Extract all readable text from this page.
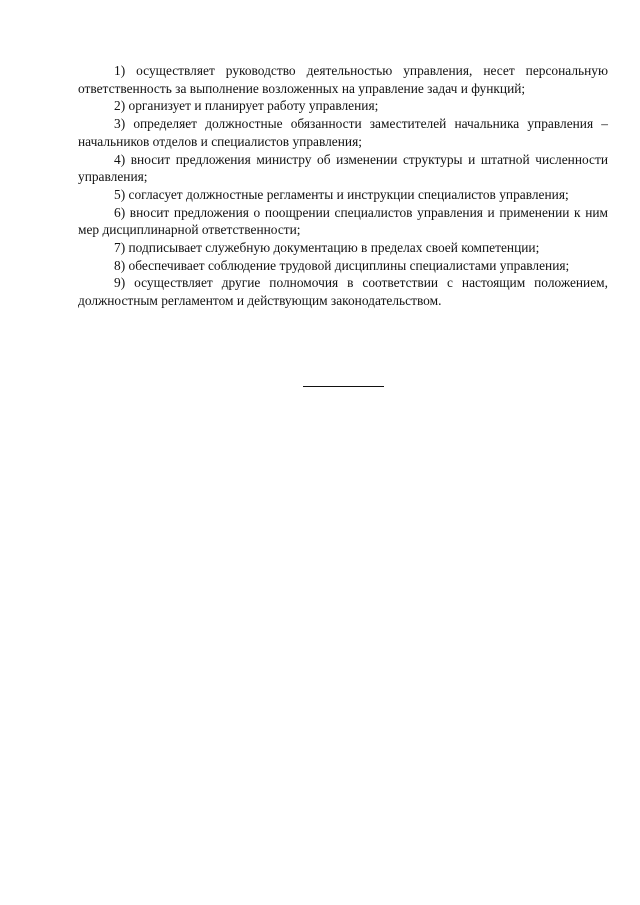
1) осуществляет руководство деятельностью управления, несет персональную ответственность за выполнение возложенных на управление задач и функций;

2) организует и планирует работу управления;

3) определяет должностные обязанности заместителей начальника управления – начальников отделов и специалистов управления;

4) вносит предложения министру об изменении структуры и штатной численности управления;

5) согласует должностные регламенты и инструкции специалистов управления;

6) вносит предложения о поощрении специалистов управления и применении к ним мер дисциплинарной ответственности;

7) подписывает служебную документацию в пределах своей компетенции;

8) обеспечивает соблюдение трудовой дисциплины специалистами управления;

9) осуществляет другие полномочия в соответствии с настоящим положением, должностным регламентом и действующим законодательством.
